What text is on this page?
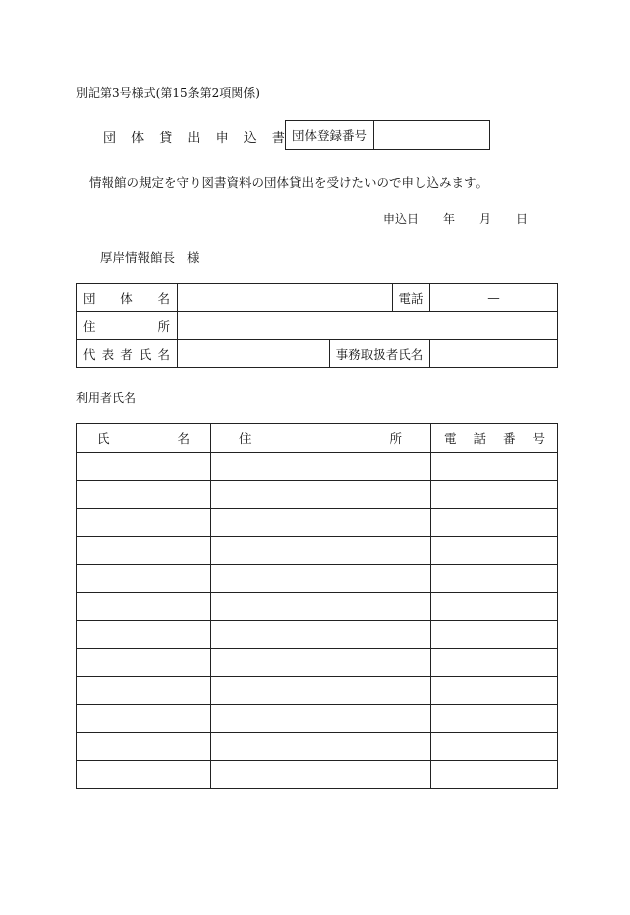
別記第3号様式(第15条第2項関係)
団 体 貸 出 申 込 書 団体登録番号
情報館の規定を守り図書資料の団体貸出を受けたいので申し込みます。
申込日 年 月 日
厚岸情報館長 様
団 体 名			電話	—

住 所				

代 表 者 氏 名		事務取扱者氏名		
利用者氏名
氏 名	住 所	電 話 番 号
